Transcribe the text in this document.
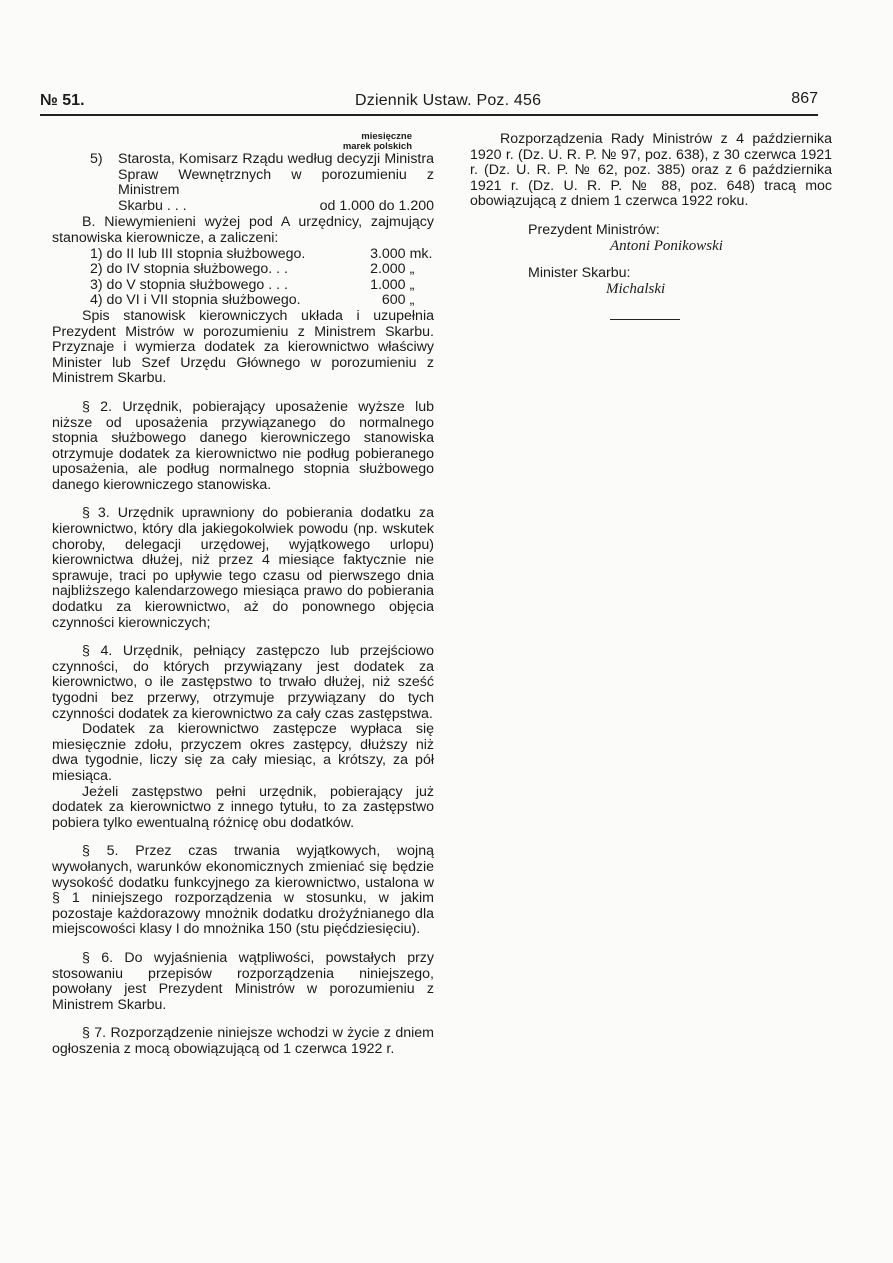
№ 51.	Dziennik Ustaw. Poz. 456	867
miesięczne
marek polskich
5)	Starosta, Komisarz Rządu według decyzji Ministra Spraw Wewnętrznych w porozumieniu z Ministrem

Skarbu . . .	od 1.000 do 1.200

B. Niewymienieni wyżej pod A urzędnicy, zajmujący stanowiska kierownicze, a zaliczeni:

1) do II lub III stopnia służbowego.	3.000 mk.
2) do IV stopnia służbowego. . .	2.000 „
3) do V stopnia służbowego . . .	1.000 „
4) do VI i VII stopnia służbowego.	600 „

Spis stanowisk kierowniczych układa i uzupełnia Prezydent Mistrów w porozumieniu z Ministrem Skarbu. Przyznaje i wymierza dodatek za kierownictwo właściwy Minister lub Szef Urzędu Głównego w porozumieniu z Ministrem Skarbu.

§ 2. Urzędnik, pobierający uposażenie wyższe lub niższe od uposażenia przywiązanego do normalnego stopnia służbowego danego kierowniczego stanowiska otrzymuje dodatek za kierownictwo nie podług pobieranego uposażenia, ale podług normalnego stopnia służbowego danego kierowniczego stanowiska.

§ 3. Urzędnik uprawniony do pobierania dodatku za kierownictwo, który dla jakiegokolwiek powodu (np. wskutek choroby, delegacji urzędowej, wyjątkowego urlopu) kierownictwa dłużej, niż przez 4 miesiące faktycznie nie sprawuje, traci po upływie tego czasu od pierwszego dnia najbliższego kalendarzowego miesiąca prawo do pobierania dodatku za kierownictwo, aż do ponownego objęcia czynności kierowniczych;

§ 4. Urzędnik, pełniący zastępczo lub przejściowo czynności, do których przywiązany jest dodatek za kierownictwo, o ile zastępstwo to trwało dłużej, niż sześć tygodni bez przerwy, otrzymuje przywiązany do tych czynności dodatek za kierownictwo za cały czas zastępstwa.

Dodatek za kierownictwo zastępcze wypłaca się miesięcznie zdołu, przyczem okres zastępcy, dłuższy niż dwa tygodnie, liczy się za cały miesiąc, a krótszy, za pół miesiąca.

Jeżeli zastępstwo pełni urzędnik, pobierający już dodatek za kierownictwo z innego tytułu, to za zastępstwo pobiera tylko ewentualną różnicę obu dodatków.

§ 5. Przez czas trwania wyjątkowych, wojną wywołanych, warunków ekonomicznych zmieniać się będzie wysokość dodatku funkcyjnego za kierownictwo, ustalona w § 1 niniejszego rozporządzenia w stosunku, w jakim pozostaje każdorazowy mnożnik dodatku drożyźnianego dla miejscowości klasy I do mnożnika 150 (stu pięćdziesięciu).

§ 6. Do wyjaśnienia wątpliwości, powstałych przy stosowaniu przepisów rozporządzenia niniejszego, powołany jest Prezydent Ministrów w porozumieniu z Ministrem Skarbu.

§ 7. Rozporządzenie niniejsze wchodzi w życie z dniem ogłoszenia z mocą obowiązującą od 1 czerwca 1922 r.

Rozporządzenia Rady Ministrów z 4 października 1920 r. (Dz. U. R. P. № 97, poz. 638), z 30 czerwca 1921 r. (Dz. U. R. P. № 62, poz. 385) oraz z 6 października 1921 r. (Dz. U. R. P. № 88, poz. 648) tracą moc obowiązującą z dniem 1 czerwca 1922 roku.

Prezydent Ministrów:
Antoni Ponikowski
Minister Skarbu:
Michalski
